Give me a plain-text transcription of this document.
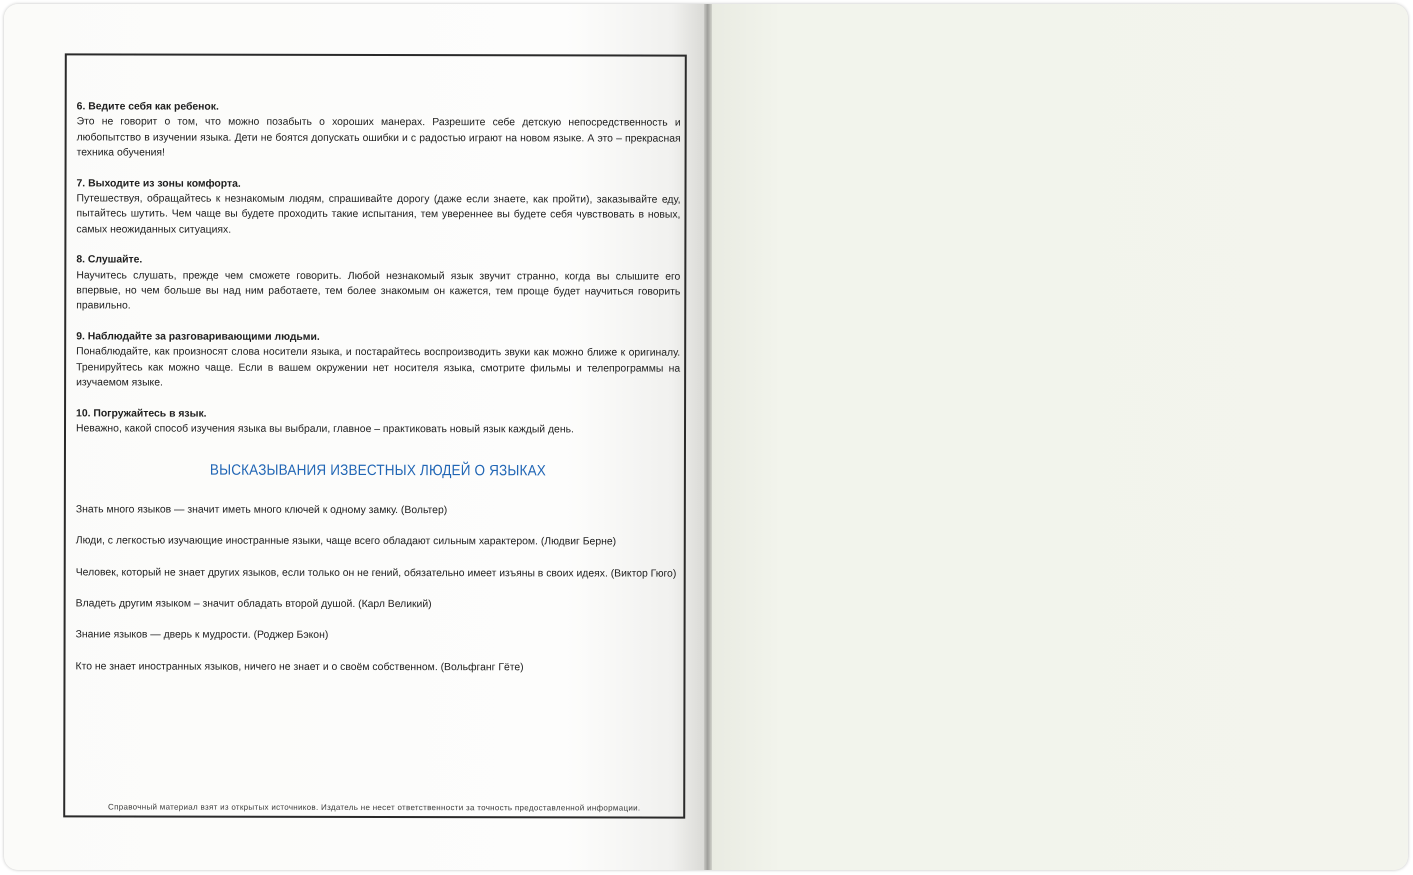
6. Ведите себя как ребенок.
Это не говорит о том, что можно позабыть о хороших манерах. Разрешите себе детскую непосредственность и любопытство в изучении языка. Дети не боятся допускать ошибки и с радостью играют на новом языке. А это – прекрасная техника обучения!
7. Выходите из зоны комфорта.
Путешествуя, обращайтесь к незнакомым людям, спрашивайте дорогу (даже если знаете, как пройти), заказывайте еду, пытайтесь шутить. Чем чаще вы будете проходить такие испытания, тем увереннее вы будете себя чувствовать в новых, самых неожиданных ситуациях.
8. Слушайте.
Научитесь слушать, прежде чем сможете говорить. Любой незнакомый язык звучит странно, когда вы слышите его впервые, но чем больше вы над ним работаете, тем более знакомым он кажется, тем проще будет научиться говорить правильно.
9. Наблюдайте за разговаривающими людьми.
Понаблюдайте, как произносят слова носители языка, и постарайтесь воспроизводить звуки как можно ближе к оригиналу. Тренируйтесь как можно чаще. Если в вашем окружении нет носителя языка, смотрите фильмы и телепрограммы на изучаемом языке.
10. Погружайтесь в язык.
Неважно, какой способ изучения языка вы выбрали, главное – практиковать новый язык каждый день.
ВЫСКАЗЫВАНИЯ ИЗВЕСТНЫХ ЛЮДЕЙ О ЯЗЫКАХ
Знать много языков — значит иметь много ключей к одному замку. (Вольтер)
Люди, с легкостью изучающие иностранные языки, чаще всего обладают сильным характером. (Людвиг Берне)
Человек, который не знает других языков, если только он не гений, обязательно имеет изъяны в своих идеях. (Виктор Гюго)
Владеть другим языком – значит обладать второй душой. (Карл Великий)
Знание языков — дверь к мудрости. (Роджер Бэкон)
Кто не знает иностранных языков, ничего не знает и о своём собственном. (Вольфганг Гёте)
Справочный материал взят из открытых источников. Издатель не несет ответственности за точность предоставленной информации.
